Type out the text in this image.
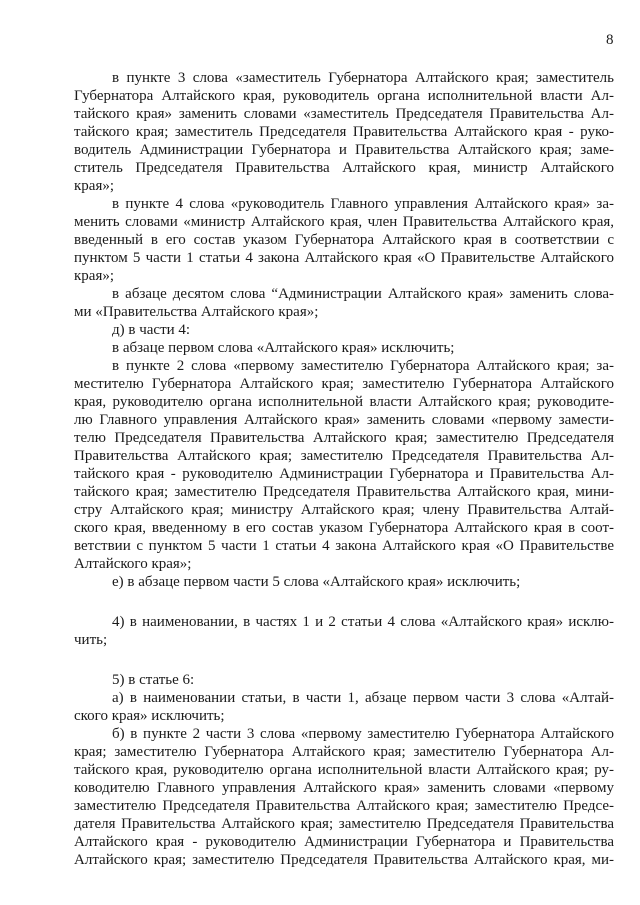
8
в пункте 3 слова «заместитель Губернатора Алтайского края; заместитель
Губернатора Алтайского края, руководитель органа исполнительной власти Ал-
тайского края» заменить словами «заместитель Председателя Правительства Ал-
тайского края; заместитель Председателя Правительства Алтайского края - руко-
водитель Администрации Губернатора и Правительства Алтайского края; заме-
ститель Председателя Правительства Алтайского края, министр Алтайского
края»;
в пункте 4 слова «руководитель Главного управления Алтайского края» за-
менить словами «министр Алтайского края, член Правительства Алтайского края,
введенный в его состав указом Губернатора Алтайского края в соответствии с
пунктом 5 части 1 статьи 4 закона Алтайского края «О Правительстве Алтайского
края»;
в абзаце десятом слова “Администрации Алтайского края» заменить слова-
ми «Правительства Алтайского края»;
д) в части 4:
в абзаце первом слова «Алтайского края» исключить;
в пункте 2 слова «первому заместителю Губернатора Алтайского края; за-
местителю Губернатора Алтайского края; заместителю Губернатора Алтайского
края, руководителю органа исполнительной власти Алтайского края; руководите-
лю Главного управления Алтайского края» заменить словами «первому замести-
телю Председателя Правительства Алтайского края; заместителю Председателя
Правительства Алтайского края; заместителю Председателя Правительства Ал-
тайского края - руководителю Администрации Губернатора и Правительства Ал-
тайского края; заместителю Председателя Правительства Алтайского края, мини-
стру Алтайского края; министру Алтайского края; члену Правительства Алтай-
ского края, введенному в его состав указом Губернатора Алтайского края в соот-
ветствии с пунктом 5 части 1 статьи 4 закона Алтайского края «О Правительстве
Алтайского края»;
е) в абзаце первом части 5 слова «Алтайского края» исключить;
4) в наименовании, в частях 1 и 2 статьи 4 слова «Алтайского края» исклю-
чить;
5) в статье 6:
а) в наименовании статьи, в части 1, абзаце первом части 3 слова «Алтай-
ского края» исключить;
б) в пункте 2 части 3 слова «первому заместителю Губернатора Алтайского
края; заместителю Губернатора Алтайского края; заместителю Губернатора Ал-
тайского края, руководителю органа исполнительной власти Алтайского края; ру-
ководителю Главного управления Алтайского края» заменить словами «первому
заместителю Председателя Правительства Алтайского края; заместителю Предсе-
дателя Правительства Алтайского края; заместителю Председателя Правительства
Алтайского края - руководителю Администрации Губернатора и Правительства
Алтайского края; заместителю Председателя Правительства Алтайского края, ми-
